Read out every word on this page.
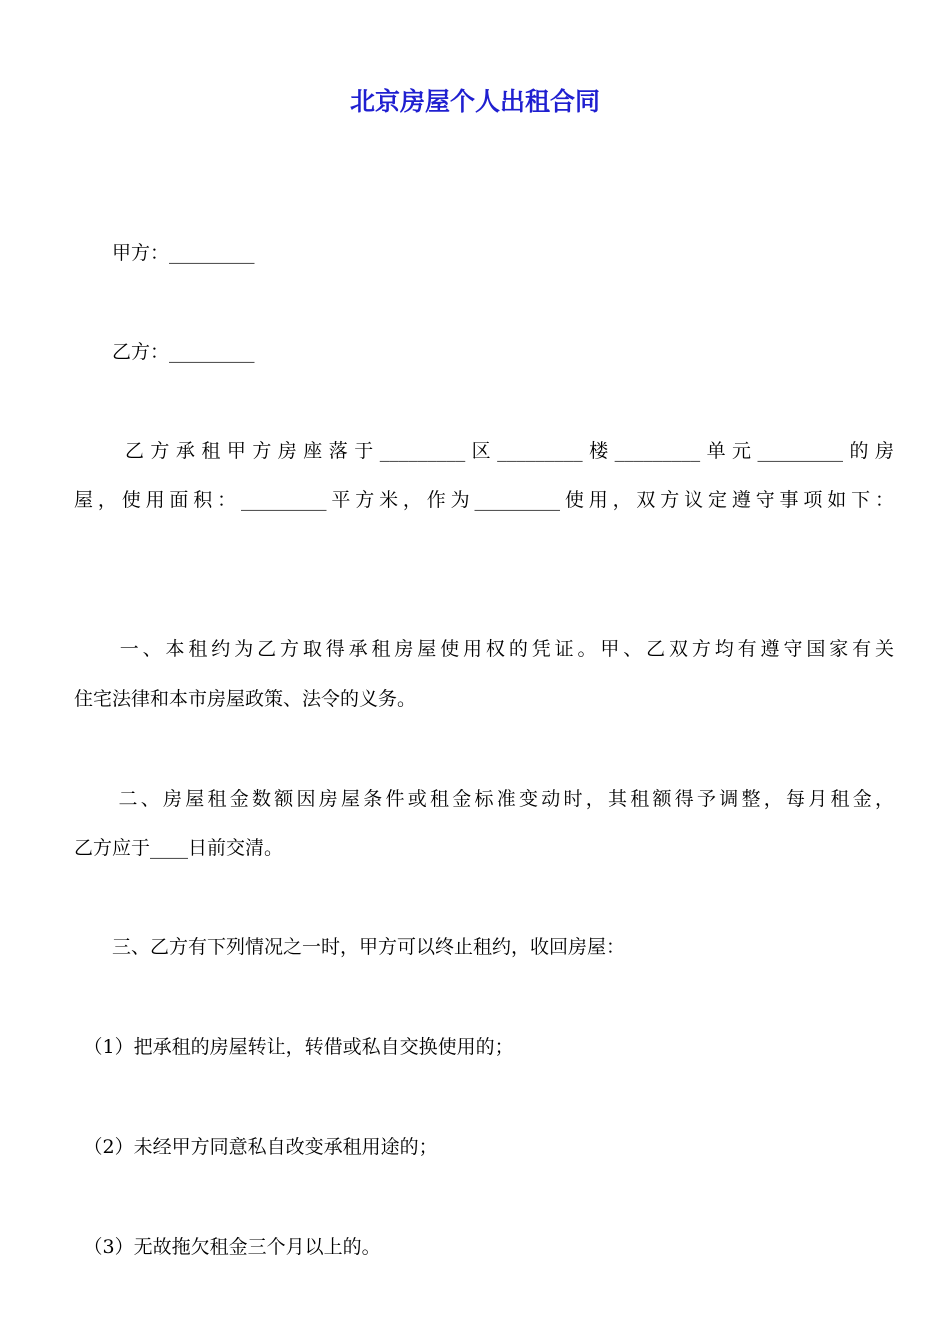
北京房屋个人出租合同
　　甲方：_________
　　乙方：_________
　　乙方承租甲方房座落于_________区_________楼_________单元_________的房
屋，使用面积：_________平方米，作为_________使用，双方议定遵守事项如下：
　　一、本租约为乙方取得承租房屋使用权的凭证。甲、乙双方均有遵守国家有关
住宅法律和本市房屋政策、法令的义务。
　　二、房屋租金数额因房屋条件或租金标准变动时，其租额得予调整，每月租金，
乙方应于____日前交清。
　　三、乙方有下列情况之一时，甲方可以终止租约，收回房屋：
　（1）把承租的房屋转让，转借或私自交换使用的；
　（2）未经甲方同意私自改变承租用途的；
　（3）无故拖欠租金三个月以上的。
